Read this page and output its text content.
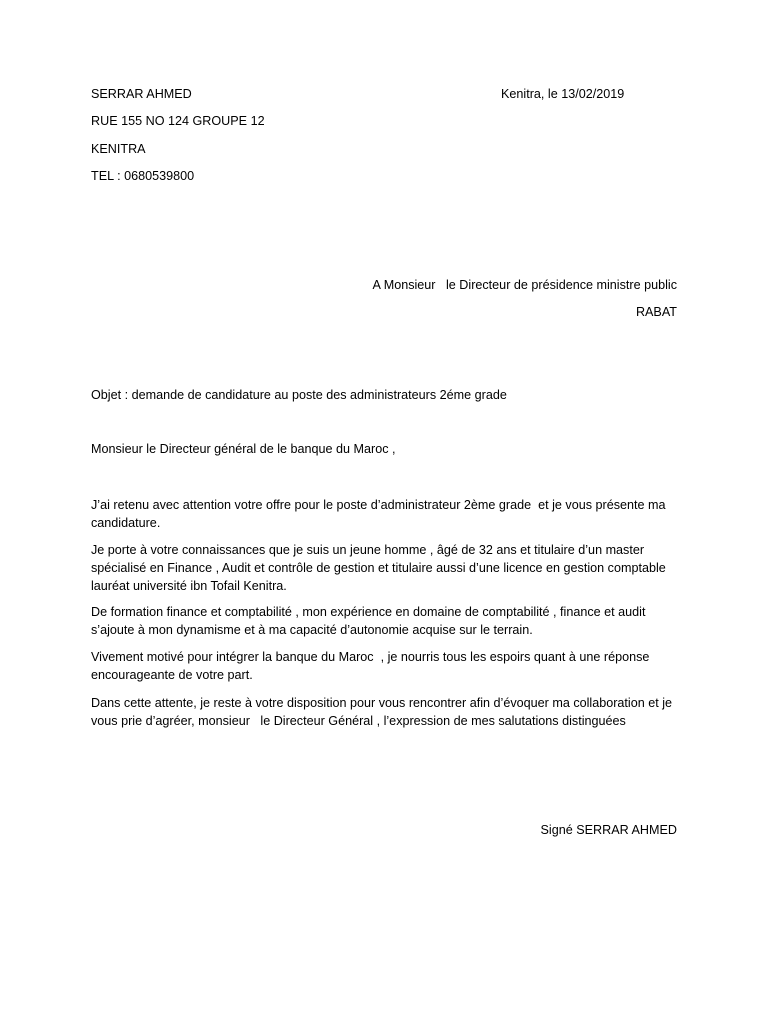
SERRAR AHMED	Kenitra, le 13/02/2019
RUE 155 NO 124 GROUPE 12
KENITRA
TEL : 0680539800
A Monsieur   le Directeur de présidence ministre public
RABAT
Objet : demande de candidature au poste des administrateurs 2éme grade
Monsieur le Directeur général de le banque du Maroc ,

J’ai retenu avec attention votre offre pour le poste d’administrateur 2ème grade  et je vous présente ma candidature.

Je porte à votre connaissances que je suis un jeune homme , âgé de 32 ans et titulaire d’un master spécialisé en Finance , Audit et contrôle de gestion et titulaire aussi d’une licence en gestion comptable lauréat université ibn Tofail Kenitra.

De formation finance et comptabilité , mon expérience en domaine de comptabilité , finance et audit s’ajoute à mon dynamisme et à ma capacité d’autonomie acquise sur le terrain.

Vivement motivé pour intégrer la banque du Maroc  , je nourris tous les espoirs quant à une réponse encourageante de votre part.

Dans cette attente, je reste à votre disposition pour vous rencontrer afin d’évoquer ma collaboration et je vous prie d’agréer, monsieur   le Directeur Général , l’expression de mes salutations distinguées

Signé SERRAR AHMED
